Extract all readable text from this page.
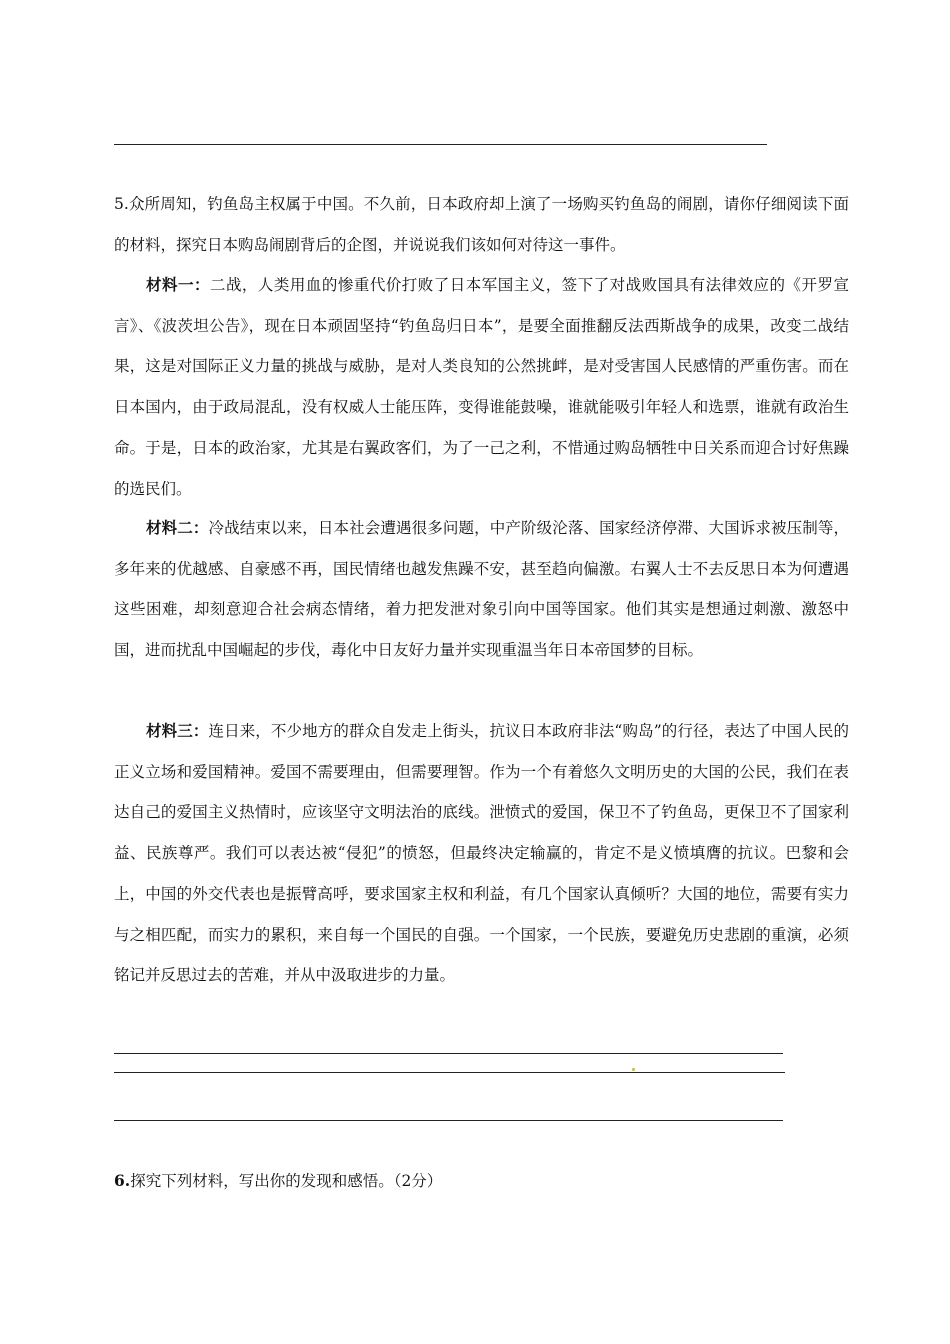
5.众所周知，钓鱼岛主权属于中国。不久前，日本政府却上演了一场购买钓鱼岛的闹剧，请你仔细阅读下面的材料，探究日本购岛闹剧背后的企图，并说说我们该如何对待这一事件。

材料一：二战，人类用血的惨重代价打败了日本军国主义，签下了对战败国具有法律效应的《开罗宣言》、《波茨坦公告》，现在日本顽固坚持“钓鱼岛归日本”，是要全面推翻反法西斯战争的成果，改变二战结果，这是对国际正义力量的挑战与威胁，是对人类良知的公然挑衅，是对受害国人民感情的严重伤害。而在日本国内，由于政局混乱，没有权威人士能压阵，变得谁能鼓噪，谁就能吸引年轻人和选票，谁就有政治生命。于是，日本的政治家，尤其是右翼政客们，为了一己之利，不惜通过购岛牺牲中日关系而迎合讨好焦躁的选民们。

材料二：冷战结束以来，日本社会遭遇很多问题，中产阶级沦落、国家经济停滞、大国诉求被压制等，多年来的优越感、自豪感不再，国民情绪也越发焦躁不安，甚至趋向偏激。右翼人士不去反思日本为何遭遇这些困难，却刻意迎合社会病态情绪，着力把发泄对象引向中国等国家。他们其实是想通过刺激、激怒中国，进而扰乱中国崛起的步伐，毒化中日友好力量并实现重温当年日本帝国梦的目标。

材料三：连日来，不少地方的群众自发走上街头，抗议日本政府非法“购岛”的行径，表达了中国人民的正义立场和爱国精神。爱国不需要理由，但需要理智。作为一个有着悠久文明历史的大国的公民，我们在表达自己的爱国主义热情时，应该坚守文明法治的底线。泄愤式的爱国，保卫不了钓鱼岛，更保卫不了国家利益、民族尊严。我们可以表达被“侵犯”的愤怒，但最终决定输赢的，肯定不是义愤填膺的抗议。巴黎和会上，中国的外交代表也是振臂高呼，要求国家主权和利益，有几个国家认真倾听？大国的地位，需要有实力与之相匹配，而实力的累积，来自每一个国民的自强。一个国家，一个民族，要避免历史悲剧的重演，必须铭记并反思过去的苦难，并从中汲取进步的力量。

6.探究下列材料，写出你的发现和感悟。（2分）
